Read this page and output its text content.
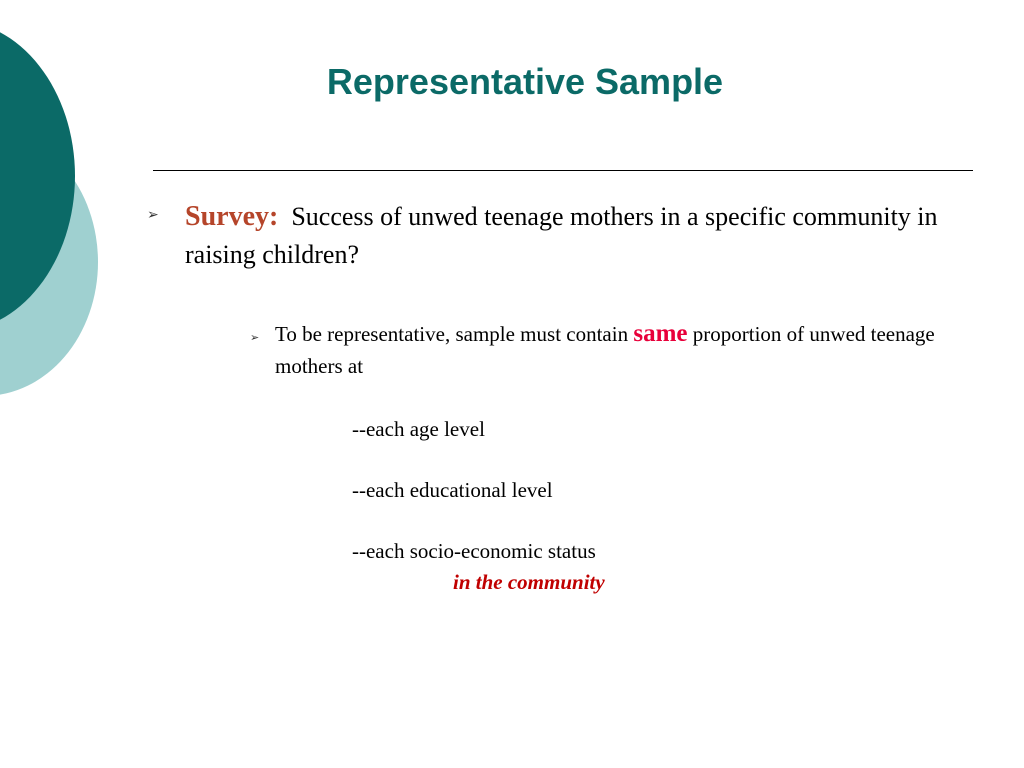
Representative Sample
➢ Survey: Success of unwed teenage mothers in a specific community in raising children?
➢ To be representative, sample must contain same proportion of unwed teenage mothers at
--each age level
--each educational level
--each socio-economic status
in the community
